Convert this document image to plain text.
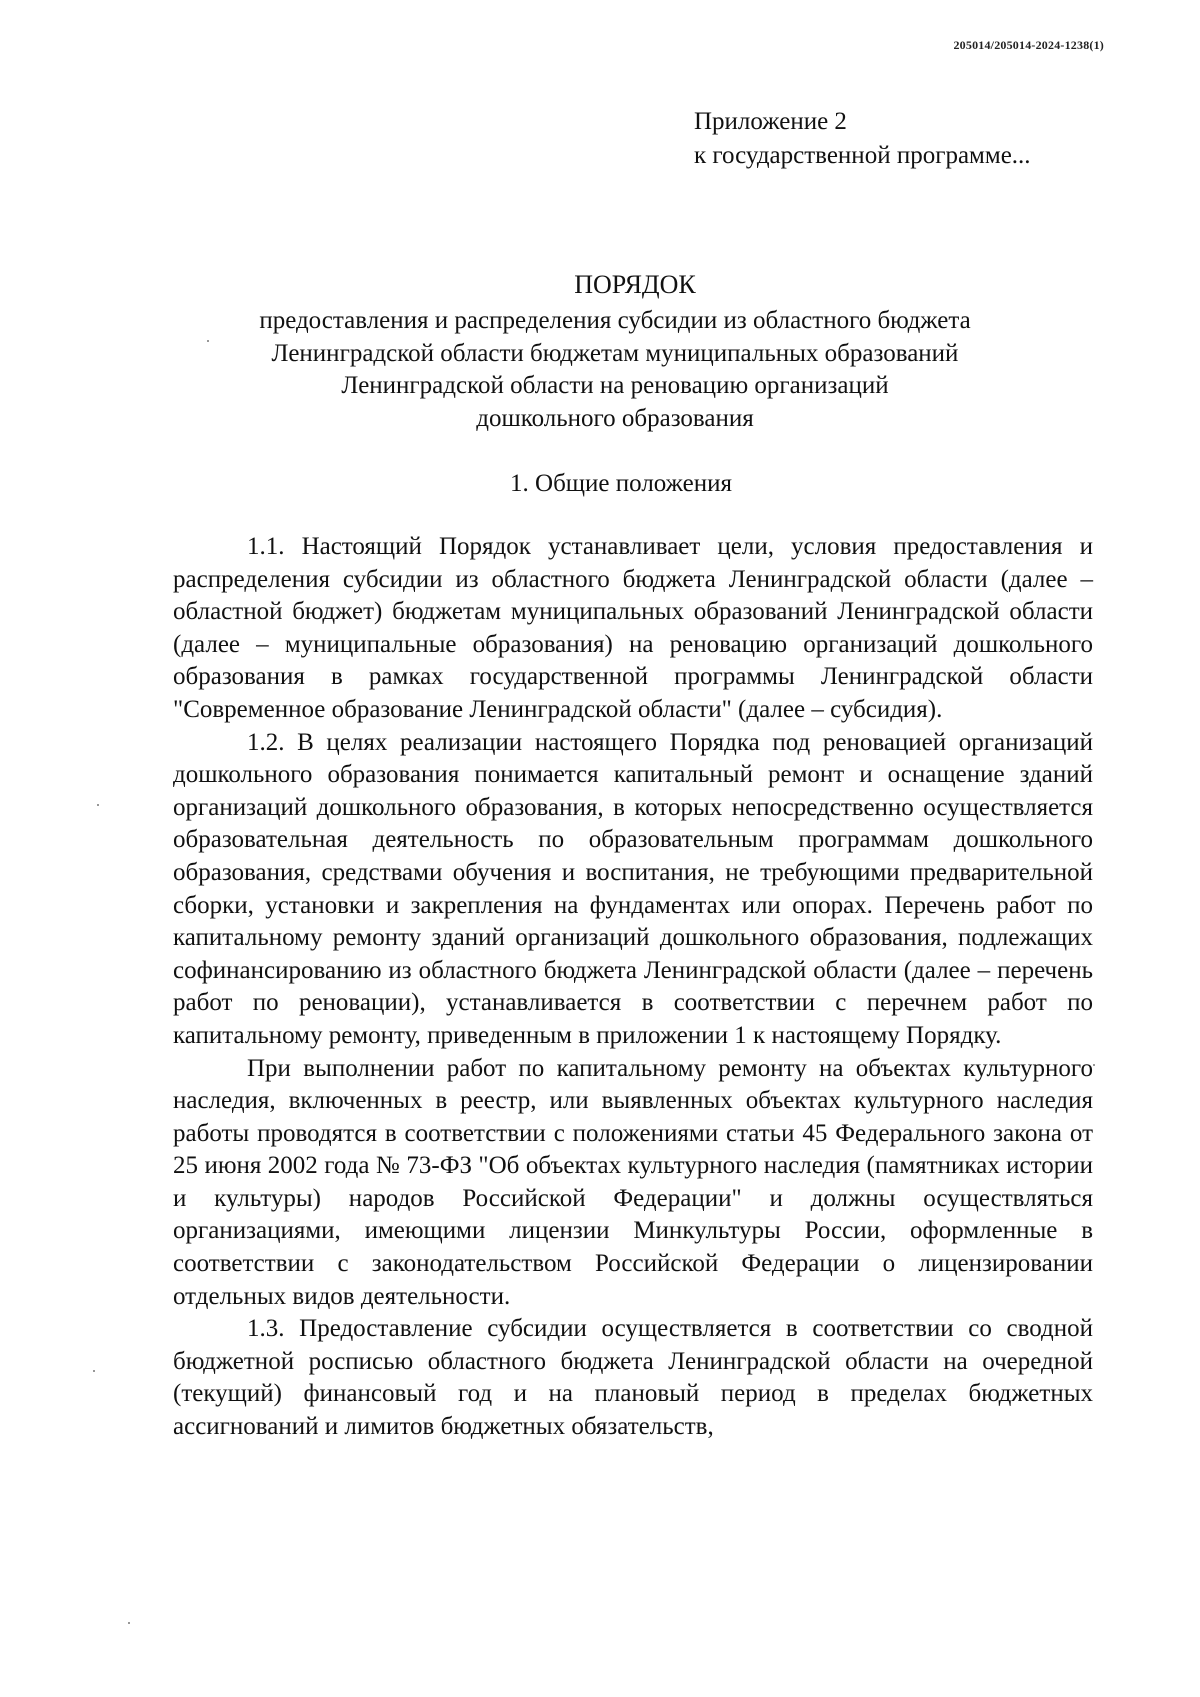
205014/205014-2024-1238(1)
Приложение 2
к государственной программе...
ПОРЯДОК
предоставления и распределения субсидии из областного бюджета
Ленинградской области бюджетам муниципальных образований
Ленинградской области на реновацию организаций
дошкольного образования
1. Общие положения

1.1. Настоящий Порядок устанавливает цели, условия предоставления и распределения субсидии из областного бюджета Ленинградской области (далее – областной бюджет) бюджетам муниципальных образований Ленинградской области (далее – муниципальные образования) на реновацию организаций дошкольного образования в рамках государственной программы Ленинградской области "Современное образование Ленинградской области" (далее – субсидия).

1.2. В целях реализации настоящего Порядка под реновацией организаций дошкольного образования понимается капитальный ремонт и оснащение зданий организаций дошкольного образования, в которых непосредственно осуществляется образовательная деятельность по образовательным программам дошкольного образования, средствами обучения и воспитания, не требующими предварительной сборки, установки и закрепления на фундаментах или опорах. Перечень работ по капитальному ремонту зданий организаций дошкольного образования, подлежащих софинансированию из областного бюджета Ленинградской области (далее – перечень работ по реновации), устанавливается в соответствии с перечнем работ по капитальному ремонту, приведенным в приложении 1 к настоящему Порядку.

При выполнении работ по капитальному ремонту на объектах культурного наследия, включенных в реестр, или выявленных объектах культурного наследия работы проводятся в соответствии с положениями статьи 45 Федерального закона от 25 июня 2002 года № 73-ФЗ "Об объектах культурного наследия (памятниках истории и культуры) народов Российской Федерации" и должны осуществляться организациями, имеющими лицензии Минкультуры России, оформленные в соответствии с законодательством Российской Федерации о лицензировании отдельных видов деятельности.

1.3. Предоставление субсидии осуществляется в соответствии со сводной бюджетной росписью областного бюджета Ленинградской области на очередной (текущий) финансовый год и на плановый период в пределах бюджетных ассигнований и лимитов бюджетных обязательств,
